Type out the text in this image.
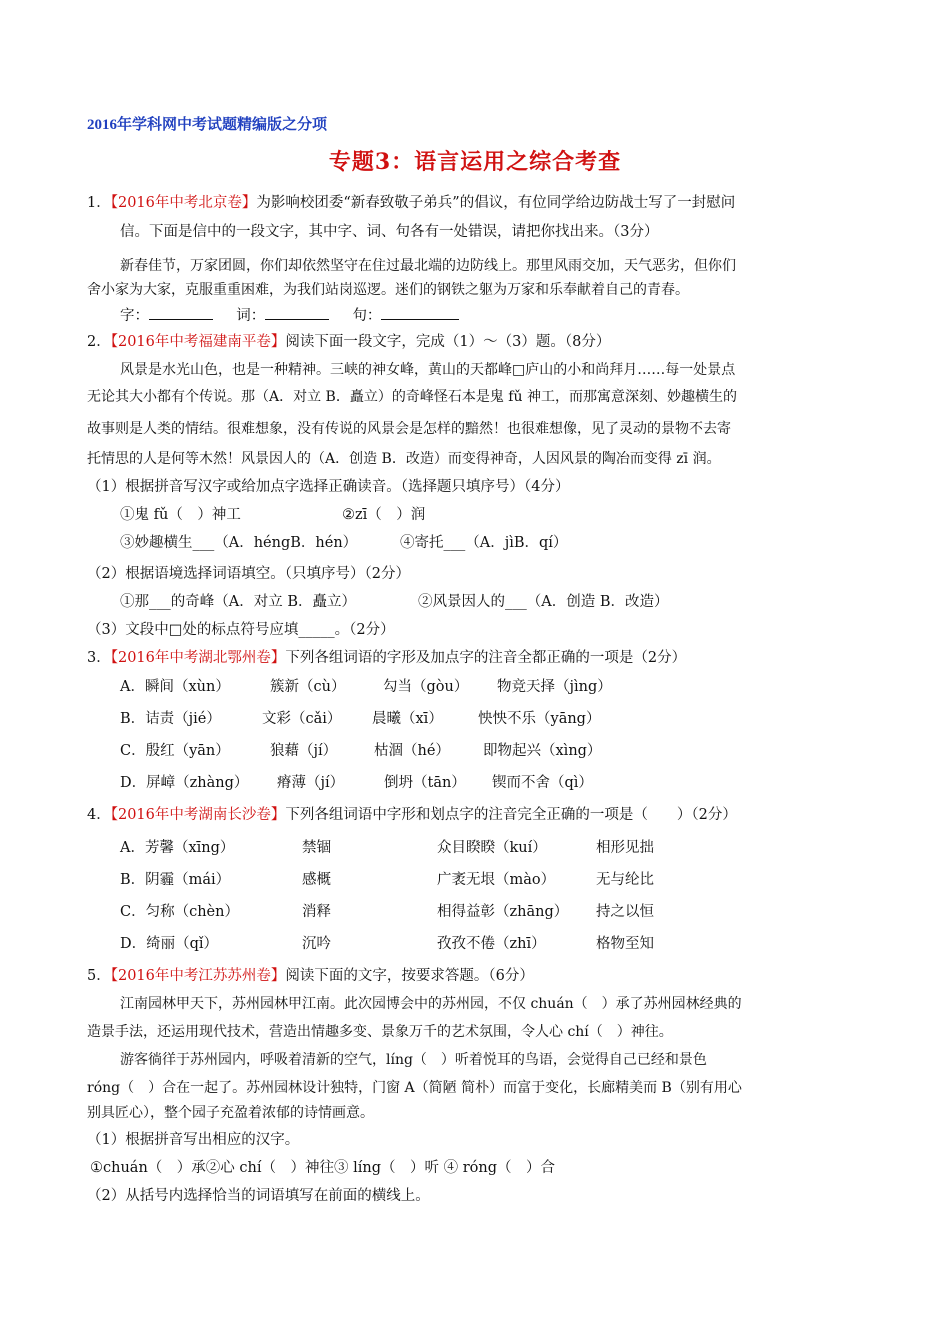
2016年学科网中考试题精编版之分项
专题3：语言运用之综合考查
1．【2016年中考北京卷】为影响校团委“新春致敬子弟兵”的倡议，有位同学给边防战士写了一封慰问
信。下面是信中的一段文字，其中字、词、句各有一处错误，请把你找出来。（3分）
新春佳节，万家团圆，你们却依然坚守在住过最北端的边防线上。那里风雨交加，天气恶劣，但你们
舍小家为大家，克服重重困难，为我们站岗巡逻。迷们的钢铁之躯为万家和乐奉献着自己的青春。
字：	词：	句：
2．【2016年中考福建南平卷】阅读下面一段文字，完成（1）～（3）题。（8分）
风景是水光山色，也是一种精神。三峡的神女峰，黄山的天都峰□庐山的小和尚拜月……每一处景点
无论其大小都有个传说。那（A．对立 B．矗立）的奇峰怪石本是鬼 fǔ 神工，而那寓意深刻、妙趣横生的
故事则是人类的情结。很难想象，没有传说的风景会是怎样的黯然！也很难想像，见了灵动的景物不去寄
托情思的人是何等木然！风景因人的（A．创造 B．改造）而变得神奇，人因风景的陶冶而变得 zī 润。
（1）根据拼音写汉字或给加点字选择正确读音。（选择题只填序号）（4分）
①鬼 fǔ（　）神工	②zī（　）润
③妙趣横生___（A．héngB．hén）	④寄托___（A．jìB．qí）
（2）根据语境选择词语填空。（只填序号）（2分）
①那___的奇峰（A．对立 B．矗立）	②风景因人的___（A．创造 B．改造）
（3）文段中□处的标点符号应填_____。（2分）
3．【2016年中考湖北鄂州卷】下列各组词语的字形及加点字的注音全都正确的一项是（2分）
A．瞬间（xùn）	簇新（cù）	勾当（gòu） 物竞天择（jìng）
B．诘责（jié）	文彩（cǎi） 晨曦（xī） 怏怏不乐（yāng）
C．殷红（yān）	狼藉（jí）	枯涸（hé） 即物起兴（xìng）
D．屏嶂（zhàng） 瘠薄（jí）	倒坍（tān） 锲而不舍（qì）
4．【2016年中考湖南长沙卷】下列各组词语中字形和划点字的注音完全正确的一项是（　　）（2分）
A．芳馨（xīng）	禁锢	众目睽睽（kuí）	相形见拙
B．阴霾（mái）	感概	广袤无垠（mào）	无与纶比
C．匀称（chèn）	消释	相得益彰（zhāng） 持之以恒
D．绮丽（qǐ）	沉吟	孜孜不倦（zhī）	格物至知
5．【2016年中考江苏苏州卷】阅读下面的文字，按要求答题。（6分）
江南园林甲天下，苏州园林甲江南。此次园博会中的苏州园，不仅 chuán（　）承了苏州园林经典的
造景手法，还运用现代技术，营造出情趣多变、景象万千的艺术氛围，令人心 chí（　）神往。
游客徜徉于苏州园内，呼吸着清新的空气，líng（　）听着悦耳的鸟语，会觉得自己已经和景色
róng（　）合在一起了。苏州园林设计独特，门窗 A（简陋 简朴）而富于变化，长廊精美而 B（别有用心
别具匠心），整个园子充盈着浓郁的诗情画意。
（1）根据拼音写出相应的汉字。
①chuán（　）承②心 chí（　）神往③ líng（　）听 ④ róng（　）合
（2）从括号内选择恰当的词语填写在前面的横线上。
